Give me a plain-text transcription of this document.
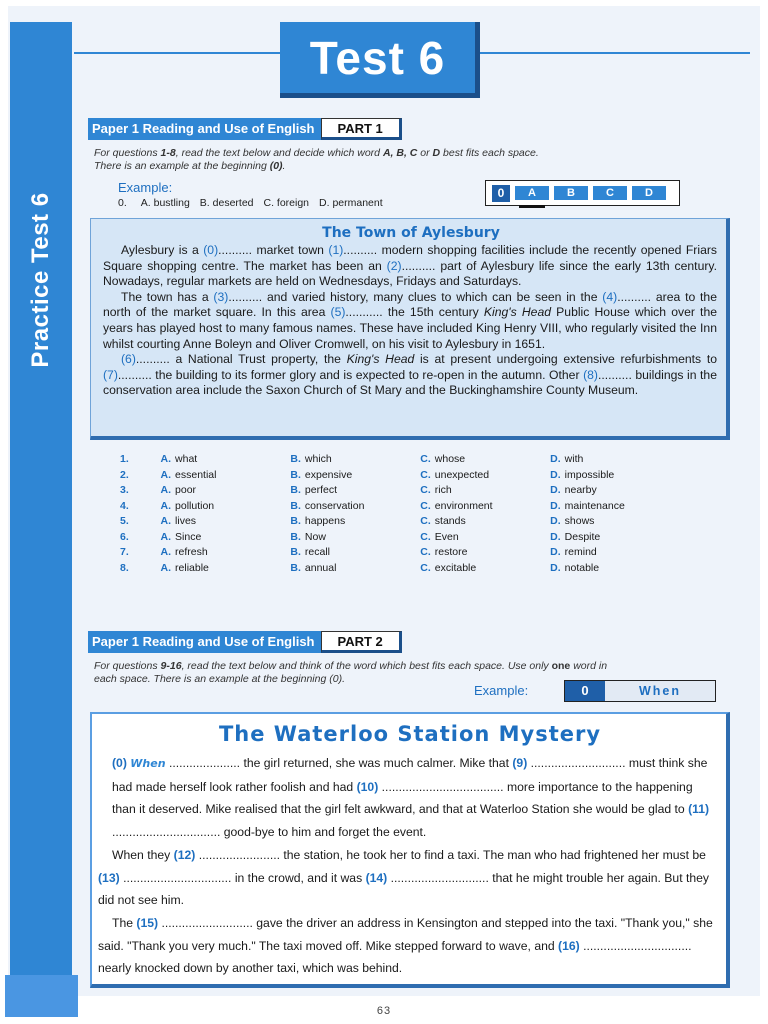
Practice Test 6
Test 6
Paper 1 Reading and Use of English	PART 1
For questions 1-8, read the text below and decide which word A, B, C or D best fits each space.
There is an example at the beginning (0).
Example:
0. A. bustling B. deserted C. foreign D. permanent
0	A	B	C	D
The Town of Aylesbury

Aylesbury is a (0).......... market town (1).......... modern shopping facilities include the recently opened Friars Square shopping centre. The market has been an (2).......... part of Aylesbury life since the early 13th century. Nowadays, regular markets are held on Wednesdays, Fridays and Saturdays.

The town has a (3).......... and varied history, many clues to which can be seen in the (4).......... area to the north of the market square. In this area (5)........... the 15th century King's Head Public House which over the years has played host to many famous names. These have included King Henry VIII, who regularly visited the Inn whilst courting Anne Boleyn and Oliver Cromwell, on his visit to Aylesbury in 1651.

(6).......... a National Trust property, the King's Head is at present undergoing extensive refurbishments to (7).......... the building to its former glory and is expected to re-open in the autumn. Other (8).......... buildings in the conservation area include the Saxon Church of St Mary and the Buckinghamshire County Museum.

1.	A. what	B. which	C. whose	D. with
2.	A. essential	B. expensive	C. unexpected	D. impossible
3.	A. poor	B. perfect	C. rich	D. nearby
4.	A. pollution	B. conservation	C. environment	D. maintenance
5.	A. lives	B. happens	C. stands	D. shows
6.	A. Since	B. Now	C. Even	D. Despite
7.	A. refresh	B. recall	C. restore	D. remind
8.	A. reliable	B. annual	C. excitable	D. notable
Paper 1 Reading and Use of English	PART 2
For questions 9-16, read the text below and think of the word which best fits each space. Use only one word in
each space. There is an example at the beginning (0).
Example:	0	When
The Waterloo Station Mystery

(0) When ..................... the girl returned, she was much calmer. Mike that (9) ............................ must think she had made herself look rather foolish and had (10) .................................... more importance to the happening than it deserved. Mike realised that the girl felt awkward, and that at Waterloo Station she would be glad to (11) ................................ good-bye to him and forget the event.

When they (12) ........................ the station, he took her to find a taxi. The man who had frightened her must be (13) ................................ in the crowd, and it was (14) ............................. that he might trouble her again. But they did not see him.

The (15) ........................... gave the driver an address in Kensington and stepped into the taxi. "Thank you," she said. "Thank you very much." The taxi moved off. Mike stepped forward to wave, and (16) ................................ nearly knocked down by another taxi, which was behind.

63
